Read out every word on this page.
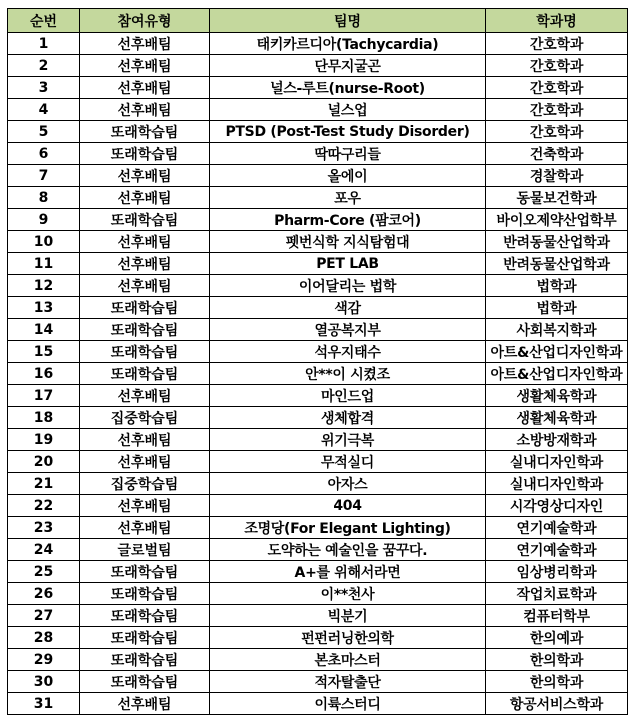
순번	참여유형	팀명	학과명
1	선후배팀	태키카르디아(Tachycardia)	간호학과
2	선후배팀	단무지굴곤	간호학과
3	선후배팀	널스-루트(nurse-Root)	간호학과
4	선후배팀	널스업	간호학과
5	또래학습팀	PTSD (Post-Test Study Disorder)	간호학과
6	또래학습팀	딱따구리들	건축학과
7	선후배팀	올에이	경찰학과
8	선후배팀	포우	동물보건학과
9	또래학습팀	Pharm-Core (팜코어)	바이오제약산업학부
10	선후배팀	펫번식학 지식탐험대	반려동물산업학과
11	선후배팀	PET LAB	반려동물산업학과
12	선후배팀	이어달리는 법학	법학과
13	또래학습팀	색감	법학과
14	또래학습팀	열공복지부	사회복지학과
15	또래학습팀	석우지태수	아트&산업디자인학과
16	또래학습팀	안**이 시켰조	아트&산업디자인학과
17	선후배팀	마인드업	생활체육학과
18	집중학습팀	생체합격	생활체육학과
19	선후배팀	위기극복	소방방재학과
20	선후배팀	무적실디	실내디자인학과
21	집중학습팀	아자스	실내디자인학과
22	선후배팀	404	시각영상디자인
23	선후배팀	조명당(For Elegant Lighting)	연기예술학과
24	글로벌팀	도약하는 예술인을 꿈꾸다.	연기예술학과
25	또래학습팀	A+를 위해서라면	임상병리학과
26	또래학습팀	이**천사	작업치료학과
27	또래학습팀	빅분기	컴퓨터학부
28	또래학습팀	펀펀러닝한의학	한의예과
29	또래학습팀	본초마스터	한의학과
30	또래학습팀	적자탈출단	한의학과
31	선후배팀	이륙스터디	항공서비스학과
